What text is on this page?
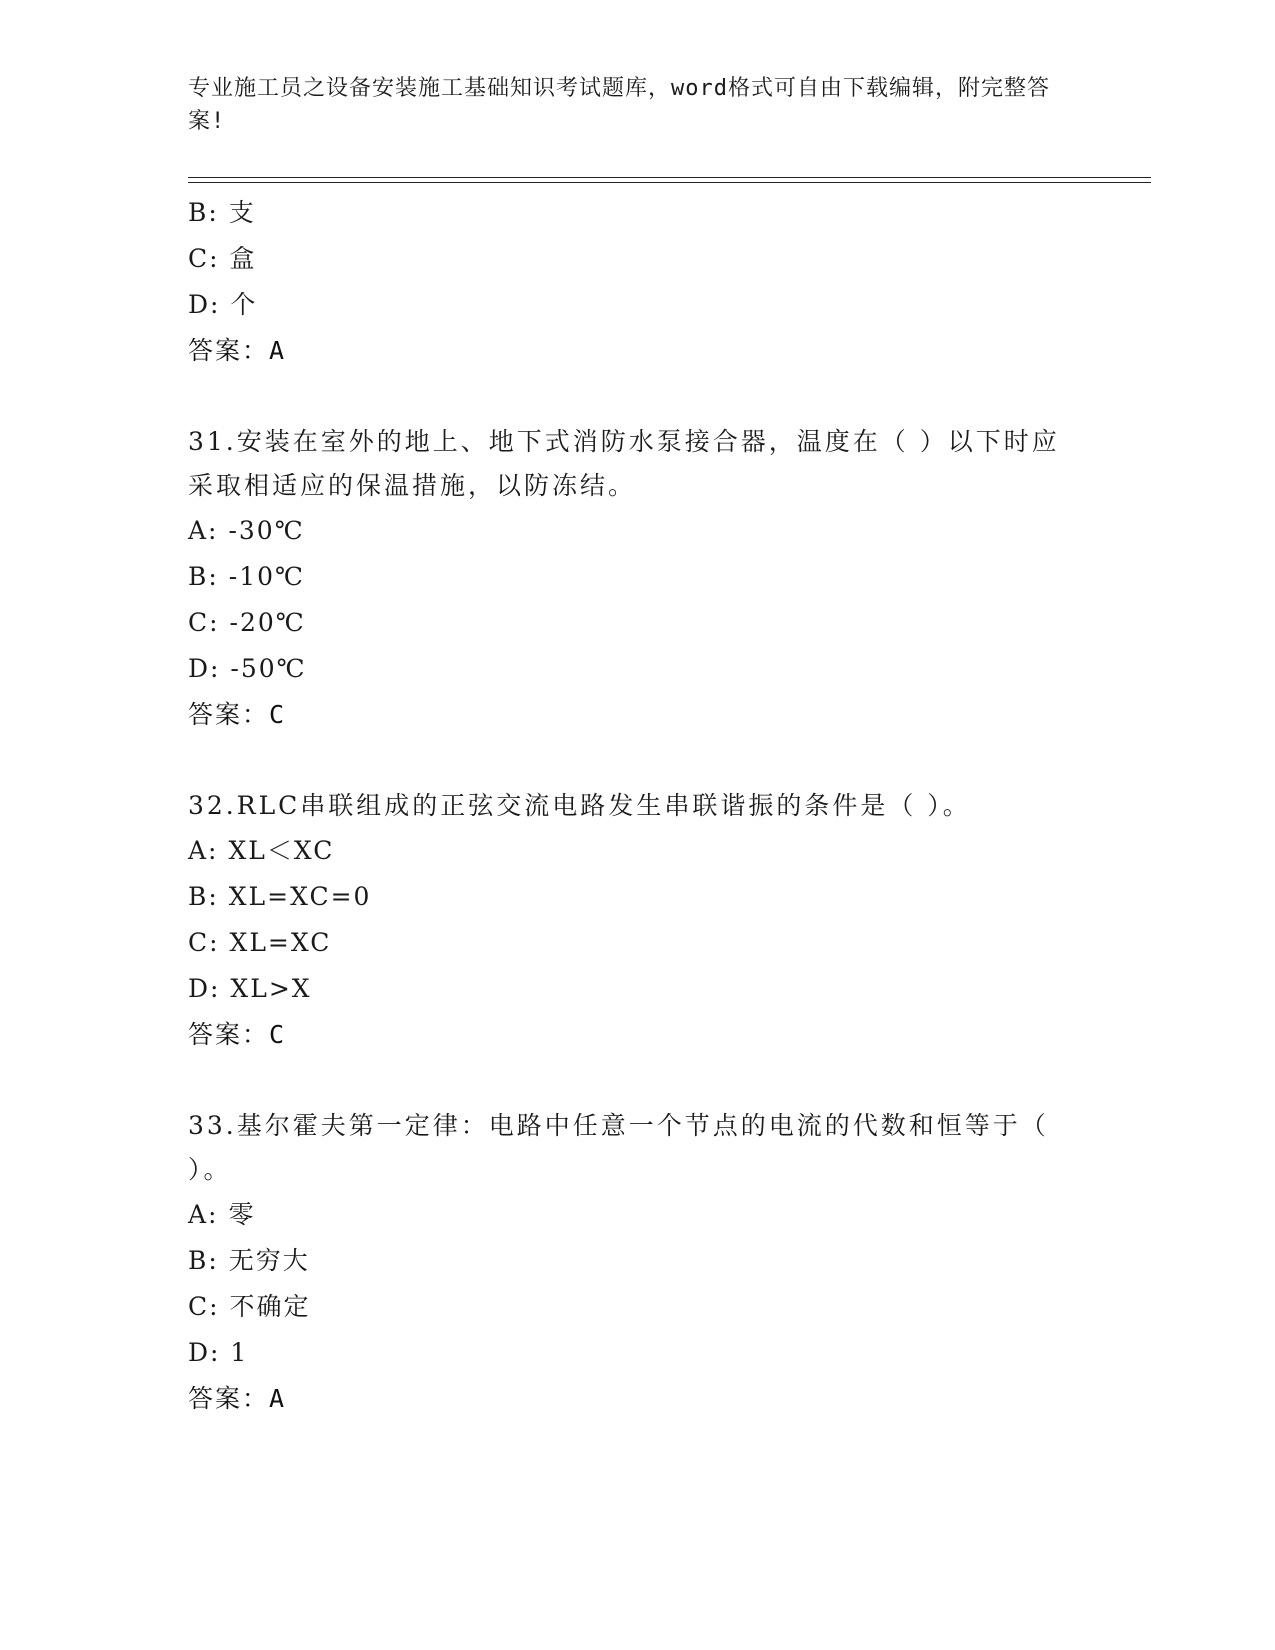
专业施工员之设备安装施工基础知识考试题库，word格式可自由下载编辑，附完整答案!
B: 支
C: 盒
D: 个
答案：A
31.安装在室外的地上、地下式消防水泵接合器，温度在（ ）以下时应采取相适应的保温措施，以防冻结。
A: -30℃
B: -10℃
C: -20℃
D: -50℃
答案：C
32.RLC串联组成的正弦交流电路发生串联谐振的条件是（ ）。
A: XL＜XC
B: XL=XC=0
C: XL=XC
D: XL>X
答案：C
33.基尔霍夫第一定律：电路中任意一个节点的电流的代数和恒等于（ ）。
A: 零
B: 无穷大
C: 不确定
D: 1
答案：A
